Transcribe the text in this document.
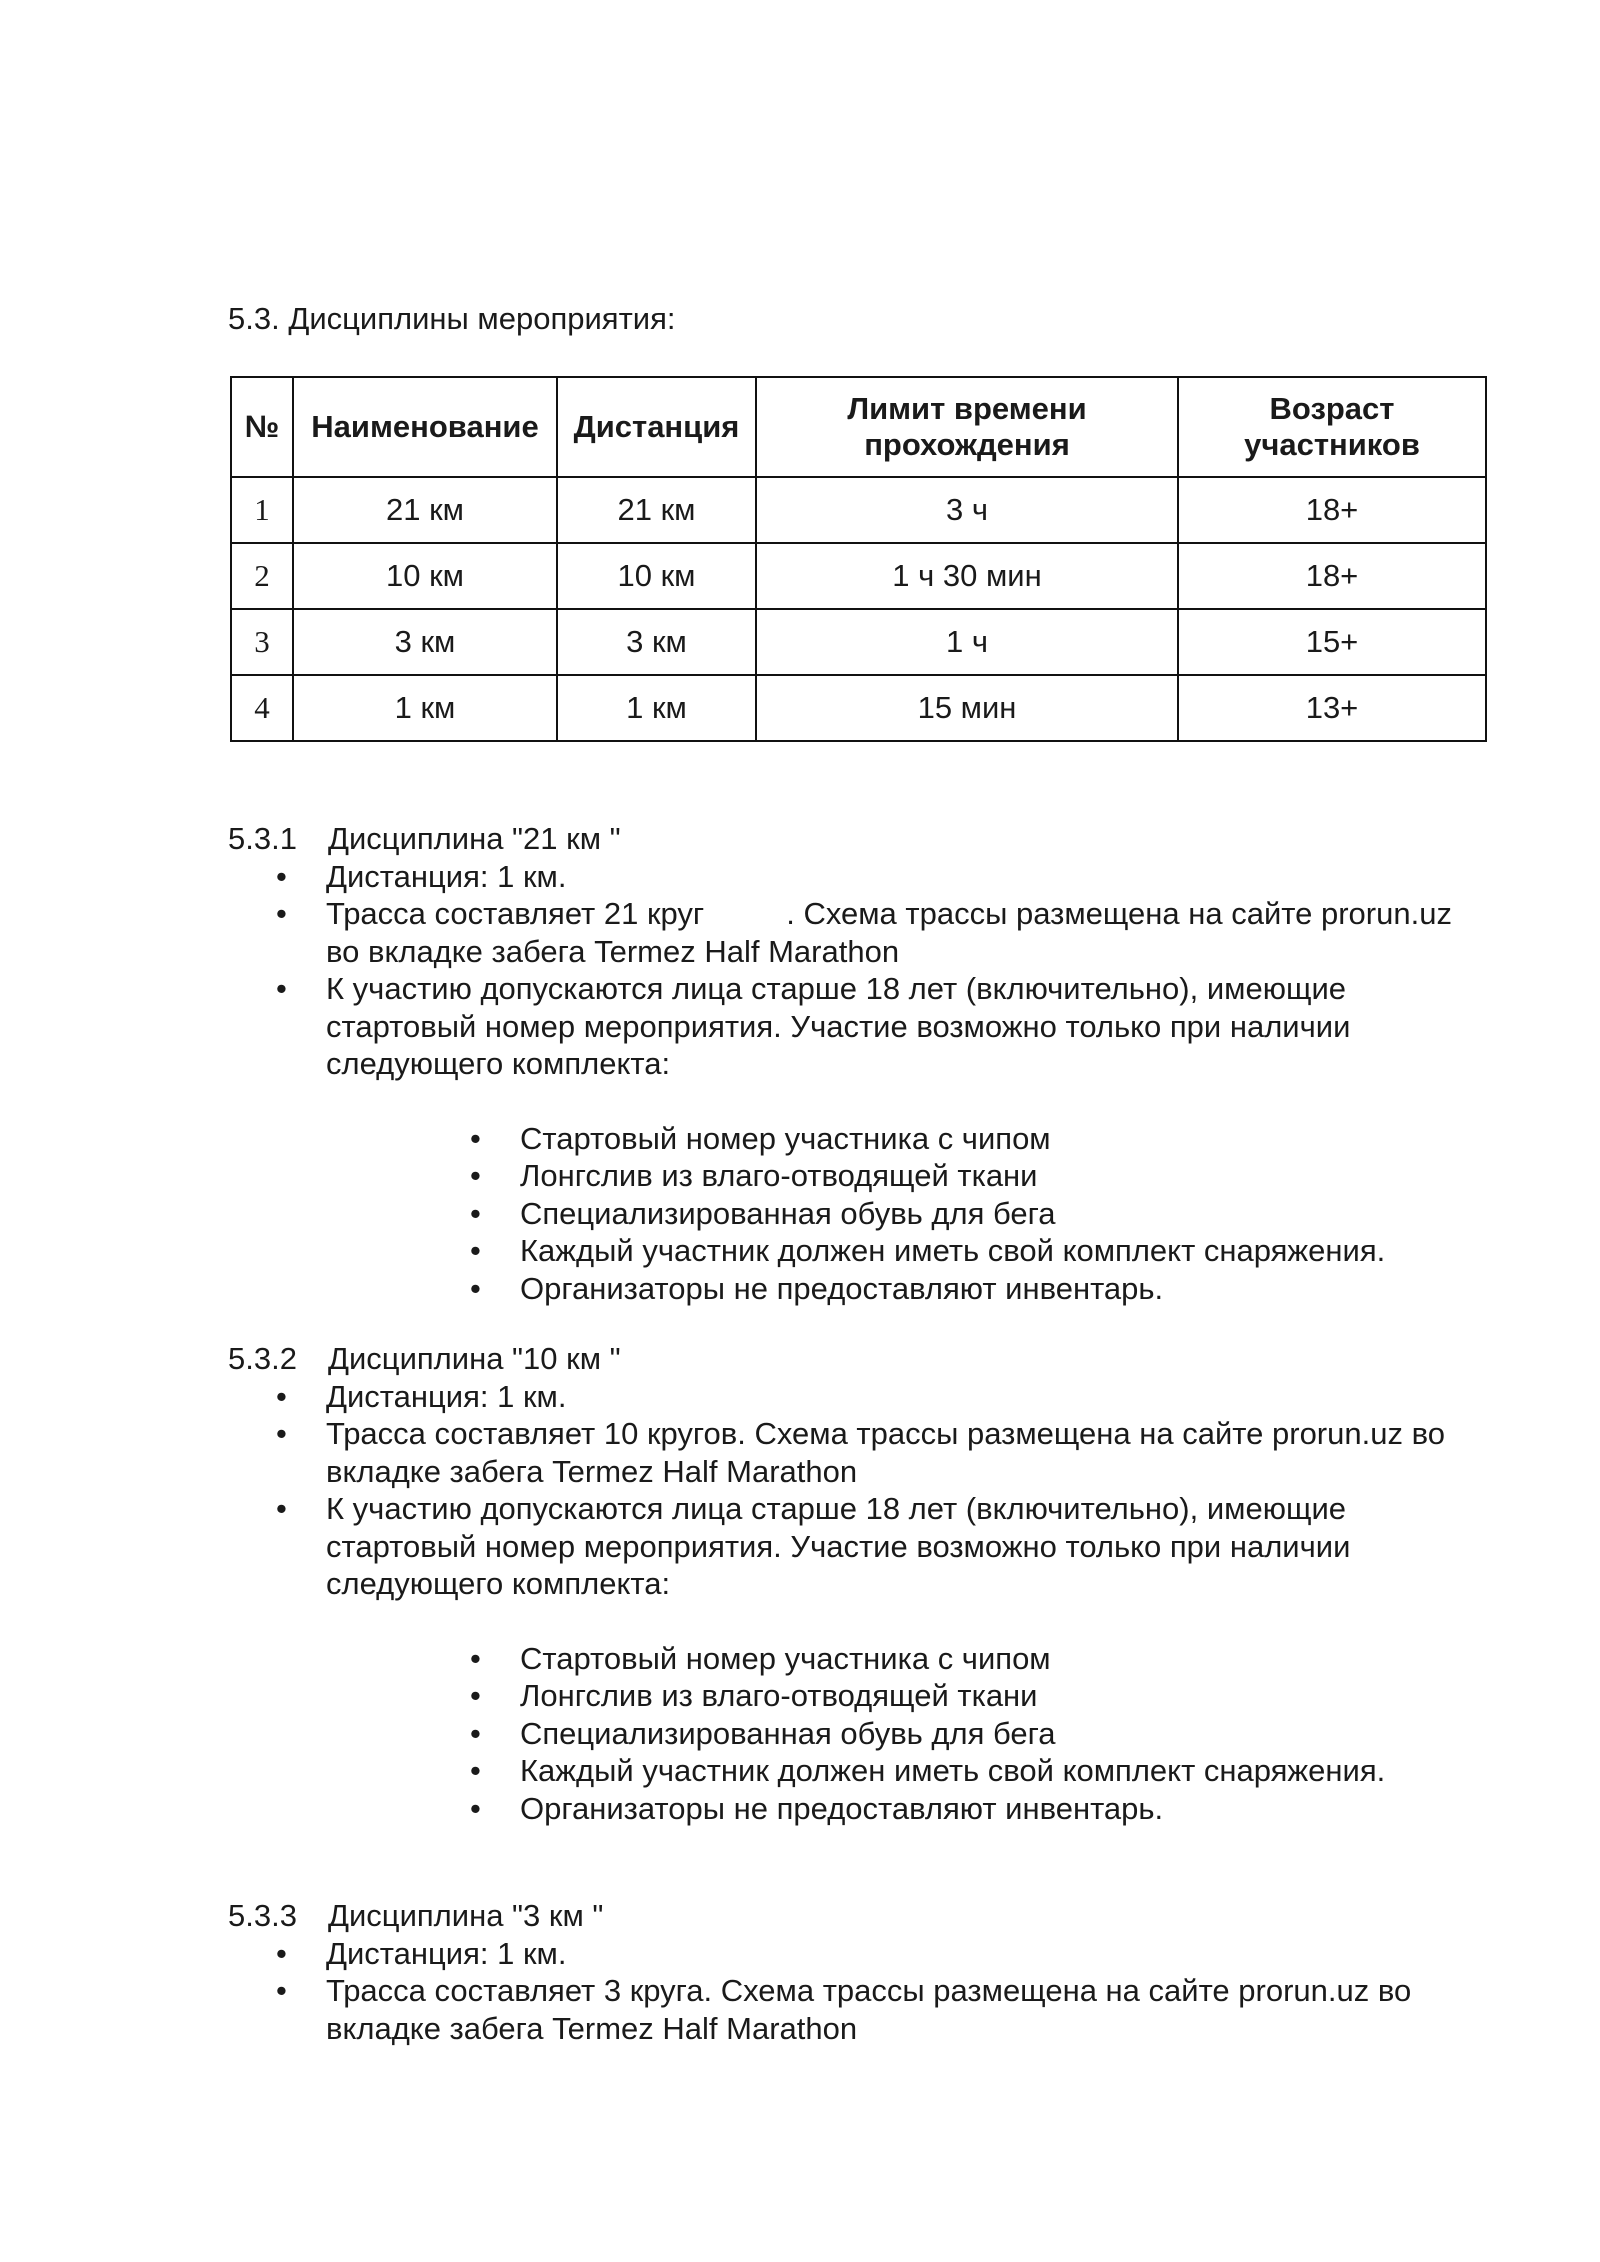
5.3. Дисциплины мероприятия:
№	Наименование	Дистанция	Лимит времени прохождения	Возраст участников
1	21 км	21 км	3 ч	18+
2	10 км	10 км	1 ч 30 мин	18+
3	3 км	3 км	1 ч	15+
4	1 км	1 км	15 мин	13+
5.3.1 Дисциплина "21 км "
• Дистанция: 1 км.
• Трасса составляет 21 круг	. Схема трассы размещена на сайте prorun.uz во вкладке забега Termez Half Marathon
• К участию допускаются лица старше 18 лет (включительно), имеющие стартовый номер мероприятия. Участие возможно только при наличии следующего комплекта:
• Стартовый номер участника с чипом
• Лонгслив из влаго-отводящей ткани
• Специализированная обувь для бега
• Каждый участник должен иметь свой комплект снаряжения.
• Организаторы не предоставляют инвентарь.
5.3.2 Дисциплина "10 км "
• Дистанция: 1 км.
• Трасса составляет 10 кругов. Схема трассы размещена на сайте prorun.uz во вкладке забега Termez Half Marathon
• К участию допускаются лица старше 18 лет (включительно), имеющие стартовый номер мероприятия. Участие возможно только при наличии следующего комплекта:
• Стартовый номер участника с чипом
• Лонгслив из влаго-отводящей ткани
• Специализированная обувь для бега
• Каждый участник должен иметь свой комплект снаряжения.
• Организаторы не предоставляют инвентарь.
5.3.3 Дисциплина "3 км "
• Дистанция: 1 км.
• Трасса составляет 3 круга. Схема трассы размещена на сайте prorun.uz во вкладке забега Termez Half Marathon
